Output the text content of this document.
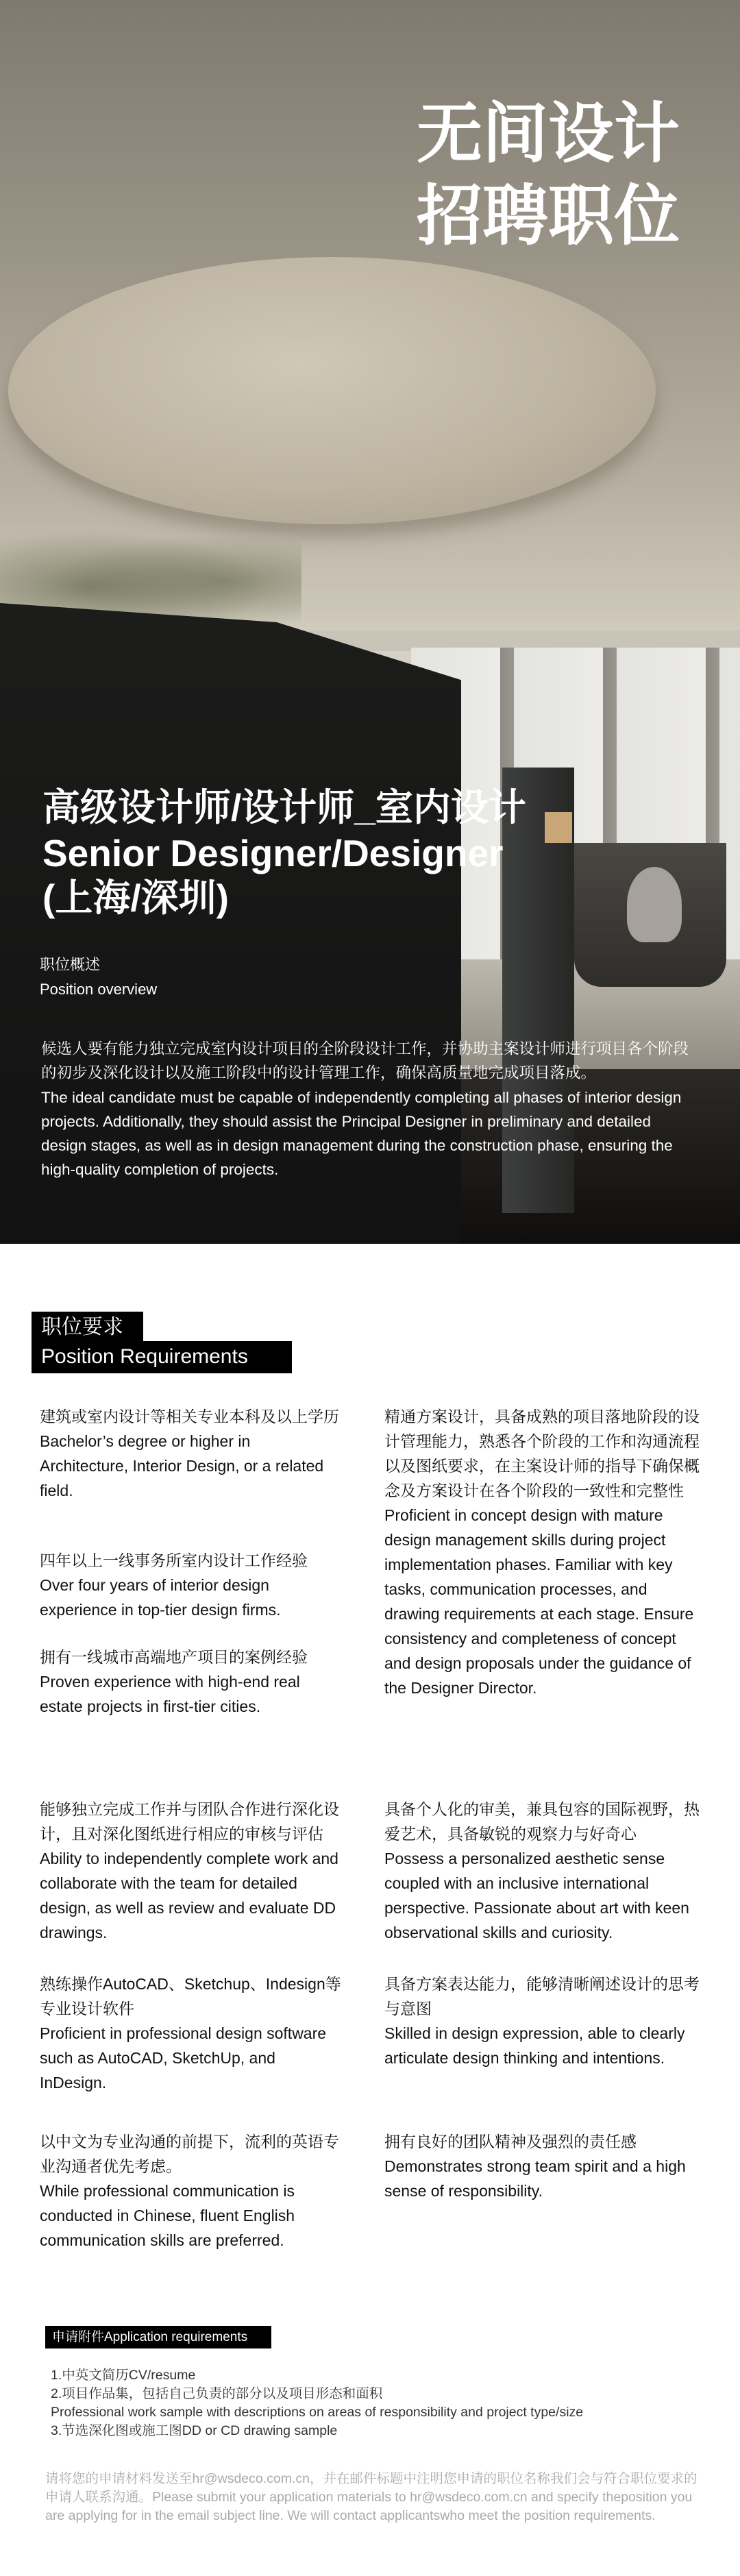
无间设计
招聘职位
高级设计师/设计师_室内设计
Senior Designer/Designer
(上海/深圳)
职位概述
Position overview

候选人要有能力独立完成室内设计项目的全阶段设计工作，并协助主案设计师进行项目各个阶段的初步及深化设计以及施工阶段中的设计管理工作，确保高质量地完成项目落成。

The ideal candidate must be capable of independently completing all phases of interior design projects. Additionally, they should assist the Principal Designer in preliminary and detailed design stages, as well as in design management during the construction phase, ensuring the high-quality completion of projects.

职位要求
Position Requirements

建筑或室内设计等相关专业本科及以上学历

Bachelor’s degree or higher in Architecture, Interior Design, or a related field.

四年以上一线事务所室内设计工作经验

Over four years of interior design experience in top-tier design firms.

拥有一线城市高端地产项目的案例经验

Proven experience with high-end real estate projects in first-tier cities.

精通方案设计，具备成熟的项目落地阶段的设计管理能力，熟悉各个阶段的工作和沟通流程以及图纸要求，在主案设计师的指导下确保概念及方案设计在各个阶段的一致性和完整性

Proficient in concept design with mature design management skills during project implementation phases. Familiar with key tasks, communication processes, and drawing requirements at each stage. Ensure consistency and completeness of concept and design proposals under the guidance of the Designer Director.

能够独立完成工作并与团队合作进行深化设计，且对深化图纸进行相应的审核与评估

Ability to independently complete work and collaborate with the team for detailed design, as well as review and evaluate DD drawings.

熟练操作AutoCAD、Sketchup、Indesign等专业设计软件

Proficient in professional design software such as AutoCAD, SketchUp, and InDesign.

以中文为专业沟通的前提下，流利的英语专业沟通者优先考虑。

While professional communication is conducted in Chinese, fluent English communication skills are preferred.

具备个人化的审美，兼具包容的国际视野，热爱艺术，具备敏锐的观察力与好奇心

Possess a personalized aesthetic sense coupled with an inclusive international perspective. Passionate about art with keen observational skills and curiosity.

具备方案表达能力，能够清晰阐述设计的思考与意图

Skilled in design expression, able to clearly articulate design thinking and intentions.

拥有良好的团队精神及强烈的责任感

Demonstrates strong team spirit and a high sense of responsibility.

申请附件Application requirements

1.中英文简历CV/resume

2.项目作品集，包括自己负责的部分以及项目形态和面积

Professional work sample with descriptions on areas of responsibility and project type/size

3.节选深化图或施工图DD or CD drawing sample

请将您的申请材料发送至hr@wsdeco.com.cn，并在邮件标题中注明您申请的职位名称我们会与符合职位要求的申请人联系沟通。Please submit your application materials to hr@wsdeco.com.cn and specify theposition you are applying for in the email subject line. We will contact applicantswho meet the position requirements.
